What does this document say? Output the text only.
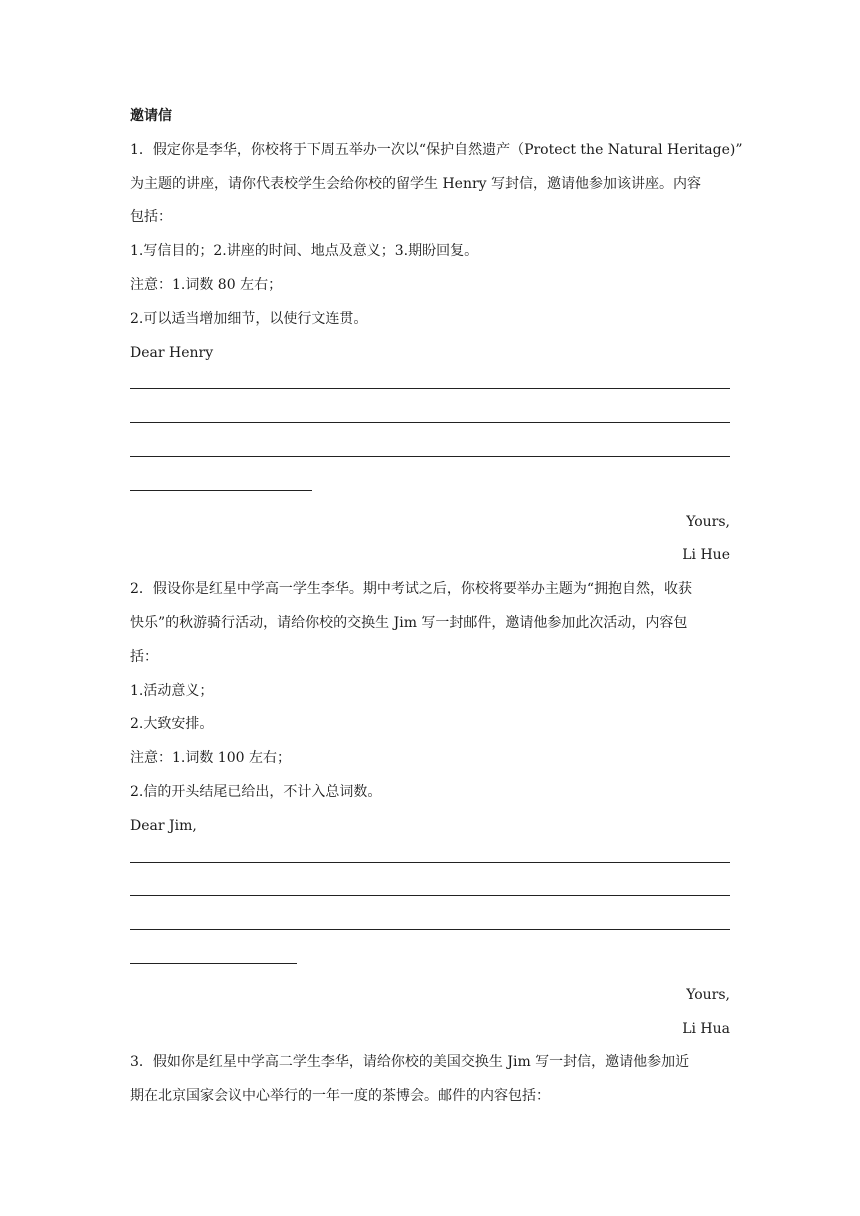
邀请信
1．假定你是李华，你校将于下周五举办一次以“保护自然遗产（Protect the Natural Heritage)”
为主题的讲座，请你代表校学生会给你校的留学生 Henry 写封信，邀请他参加该讲座。内容
包括：
1.写信目的；2.讲座的时间、地点及意义；3.期盼回复。
注意：1.词数 80 左右；
2.可以适当增加细节，以使行文连贯。
Dear Henry
Yours,
Li Hue
2．假设你是红星中学高一学生李华。期中考试之后，你校将要举办主题为“拥抱自然，收获
快乐”的秋游骑行活动，请给你校的交换生 Jim 写一封邮件，邀请他参加此次活动，内容包
括：
1.活动意义；
2.大致安排。
注意：1.词数 100 左右；
2.信的开头结尾已给出，不计入总词数。
Dear Jim,
Yours,
Li Hua
3．假如你是红星中学高二学生李华，请给你校的美国交换生 Jim 写一封信，邀请他参加近
期在北京国家会议中心举行的一年一度的茶博会。邮件的内容包括：
